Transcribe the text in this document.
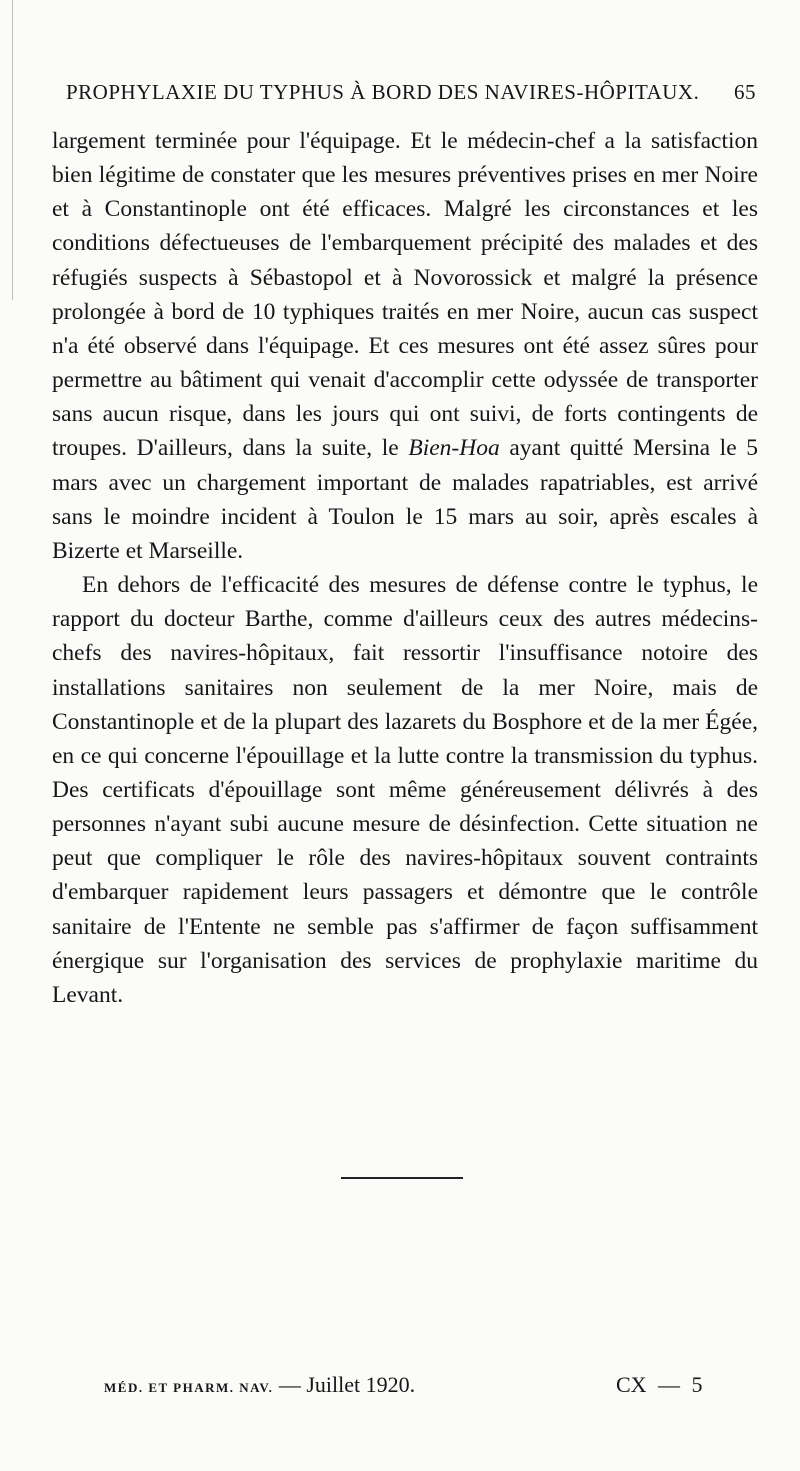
PROPHYLAXIE DU TYPHUS À BORD DES NAVIRES-HÔPITAUX. 65

largement terminée pour l'équipage. Et le médecin-chef a la satisfaction bien légitime de constater que les mesures préventives prises en mer Noire et à Constantinople ont été efficaces. Malgré les circonstances et les conditions défectueuses de l'embarquement précipité des malades et des réfugiés suspects à Sébastopol et à Novorossick et malgré la présence prolongée à bord de 10 typhiques traités en mer Noire, aucun cas suspect n'a été observé dans l'équipage. Et ces mesures ont été assez sûres pour permettre au bâtiment qui venait d'accomplir cette odyssée de transporter sans aucun risque, dans les jours qui ont suivi, de forts contingents de troupes. D'ailleurs, dans la suite, le Bien-Hoa ayant quitté Mersina le 5 mars avec un chargement important de malades rapatriables, est arrivé sans le moindre incident à Toulon le 15 mars au soir, après escales à Bizerte et Marseille.

En dehors de l'efficacité des mesures de défense contre le typhus, le rapport du docteur Barthe, comme d'ailleurs ceux des autres médecins-chefs des navires-hôpitaux, fait ressortir l'insuffisance notoire des installations sanitaires non seulement de la mer Noire, mais de Constantinople et de la plupart des lazarets du Bosphore et de la mer Égée, en ce qui concerne l'épouillage et la lutte contre la transmission du typhus. Des certificats d'épouillage sont même généreusement délivrés à des personnes n'ayant subi aucune mesure de désinfection. Cette situation ne peut que compliquer le rôle des navires-hôpitaux souvent contraints d'embarquer rapidement leurs passagers et démontre que le contrôle sanitaire de l'Entente ne semble pas s'affirmer de façon suffisamment énergique sur l'organisation des services de prophylaxie maritime du Levant.

MÉD. ET PHARM. NAV. — Juillet 1920.	CX — 5
